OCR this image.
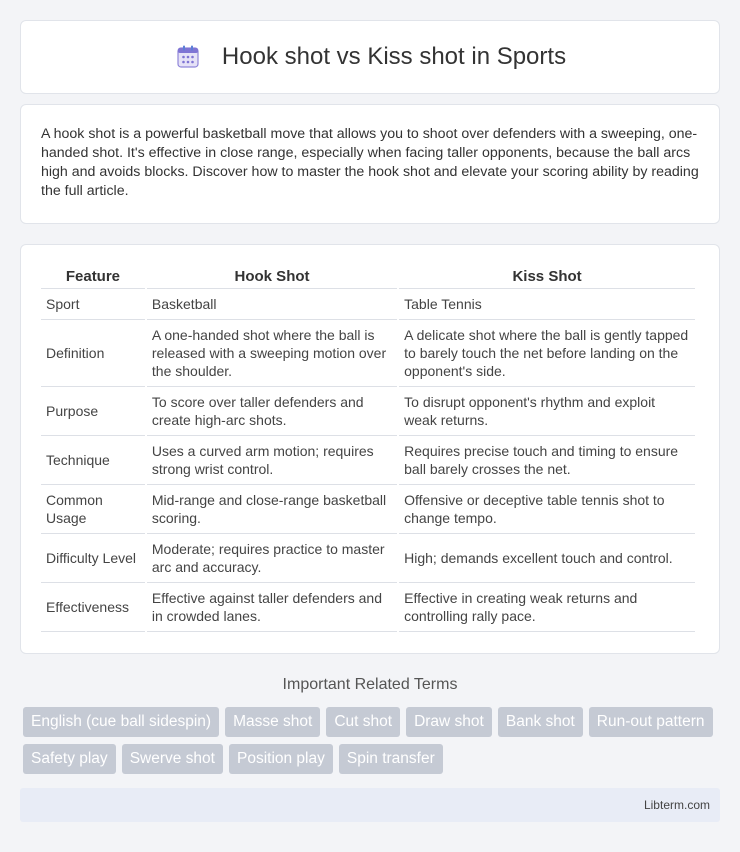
Hook shot vs Kiss shot in Sports

A hook shot is a powerful basketball move that allows you to shoot over defenders with a sweeping, one-handed shot. It's effective in close range, especially when facing taller opponents, because the ball arcs high and avoids blocks. Discover how to master the hook shot and elevate your scoring ability by reading the full article.

Feature	Hook Shot	Kiss Shot
Sport	Basketball	Table Tennis
Definition	A one-handed shot where the ball is released with a sweeping motion over the shoulder.	A delicate shot where the ball is gently tapped to barely touch the net before landing on the opponent's side.
Purpose	To score over taller defenders and create high-arc shots.	To disrupt opponent's rhythm and exploit weak returns.
Technique	Uses a curved arm motion; requires strong wrist control.	Requires precise touch and timing to ensure ball barely crosses the net.
Common Usage	Mid-range and close-range basketball scoring.	Offensive or deceptive table tennis shot to change tempo.
Difficulty Level	Moderate; requires practice to master arc and accuracy.	High; demands excellent touch and control.
Effectiveness	Effective against taller defenders and in crowded lanes.	Effective in creating weak returns and controlling rally pace.
Important Related Terms
English (cue ball sidespin)	Masse shot	Cut shot	Draw shot	Bank shot	Run-out pattern
Safety play	Swerve shot	Position play	Spin transfer
Libterm.com
